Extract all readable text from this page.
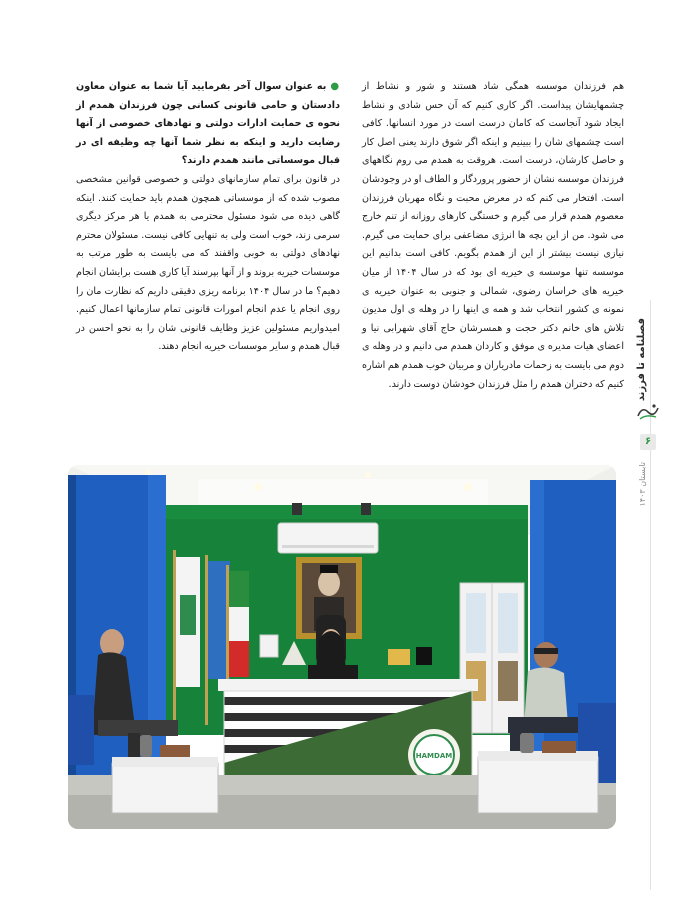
هم فرزندان موسسه همگی شاد هستند و شور و نشاط از چشمهایشان پیداست. اگر کاری کنیم که آن حس شادی و نشاط ایجاد شود آنجاست که کامان درست است در مورد انسانها. کافی است چشمهای شان را ببینیم و اینکه اگر شوق دارند یعنی اصل کار و حاصل کارشان، درست است. هروقت به همدم می روم نگاههای فرزندان موسسه نشان از حضور پروردگار و الطاف او در وجودشان است. افتخار می کنم که در معرض محبت و نگاه مهربان فرزندان معصوم همدم قرار می گیرم و خستگی کارهای روزانه از تنم خارج می شود. من از این بچه ها انرژی مضاعفی برای حمایت می گیرم. نیازی نیست بیشتر از این از همدم بگویم. کافی است بدانیم این موسسه تنها موسسه ی خیریه ای بود که در سال ۱۴۰۴ از میان خیریه های خراسان رضوی، شمالی و جنوبی به عنوان خیریه ی نمونه ی کشور انتخاب شد و همه ی اینها را در وهله ی اول مدیون تلاش های خانم دکتر حجت و همسرشان حاج آقای شهرابی نیا و اعضای هیات مدیره ی موفق و کاردان همدم می دانیم و در وهله ی دوم می بایست به زحمات مادریاران و مربیان خوب همدم هم اشاره کنیم که دختران همدم را مثل فرزندان خودشان دوست دارند.

●به عنوان سوال آخر بفرمایید آیا شما به عنوان معاون دادستان و حامی قانونی کسانی چون فرزندان همدم از نحوه ی حمایت ادارات دولتی و نهادهای خصوصی از آنها رضایت دارید و اینکه به نظر شما آنها چه وظیفه ای در قبال موسساتی مانند همدم دارند؟

در قانون برای تمام سازمانهای دولتی و خصوصی قوانین مشخصی مصوب شده که از موسساتی همچون همدم باید حمایت کنند. اینکه گاهی دیده می شود مسئول محترمی به همدم یا هر مرکز دیگری سرمی زند، خوب است ولی به تنهایی کافی نیست. مسئولان محترم نهادهای دولتی به خوبی واقفند که می بایست به طور مرتب به موسسات خیریه بروند و از آنها بپرسند آیا کاری هست برایشان انجام دهیم؟ ما در سال ۱۴۰۴ برنامه ریزی دقیقی داریم که نظارت مان را روی انجام یا عدم انجام امورات قانونی تمام سازمانها اعمال کنیم. امیدواریم مسئولین عزیز وظایف قانونی شان را به نحو احسن در قبال همدم و سایر موسسات خیریه انجام دهند.	فصلنامه تا فرزند
۶
تابستان ۱۴۰۳
HAMDAM
